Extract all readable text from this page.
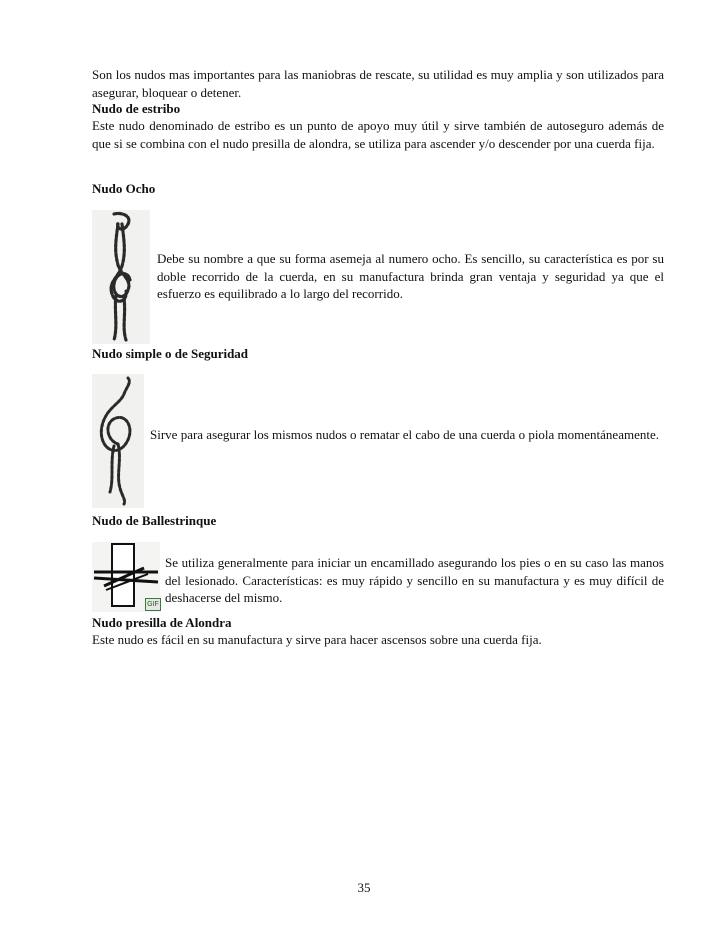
Son los nudos mas importantes para las maniobras de rescate, su utilidad es muy amplia y son utilizados para asegurar, bloquear o detener.

Nudo de estribo

Este nudo denominado de estribo es un punto de apoyo muy útil y sirve también de autoseguro además de que si se combina con el nudo presilla de alondra, se utiliza para ascender y/o descender por una cuerda fija.

Nudo Ocho

Debe su nombre a que su forma asemeja al numero ocho. Es sencillo, su característica es por su doble recorrido de la cuerda, en su manufactura brinda gran ventaja y seguridad ya que el esfuerzo es equilibrado a lo largo del recorrido.

Nudo simple o de Seguridad

Sirve para asegurar los mismos nudos o rematar el cabo de una cuerda o piola momentáneamente.

Nudo de Ballestrinque
GIF

Se utiliza generalmente para iniciar un encamillado asegurando los pies o en su caso las manos del lesionado. Características: es muy rápido y sencillo en su manufactura y es muy difícil de deshacerse del mismo.

Nudo presilla de Alondra

Este nudo es fácil en su manufactura y sirve para hacer ascensos sobre una cuerda fija.

35
